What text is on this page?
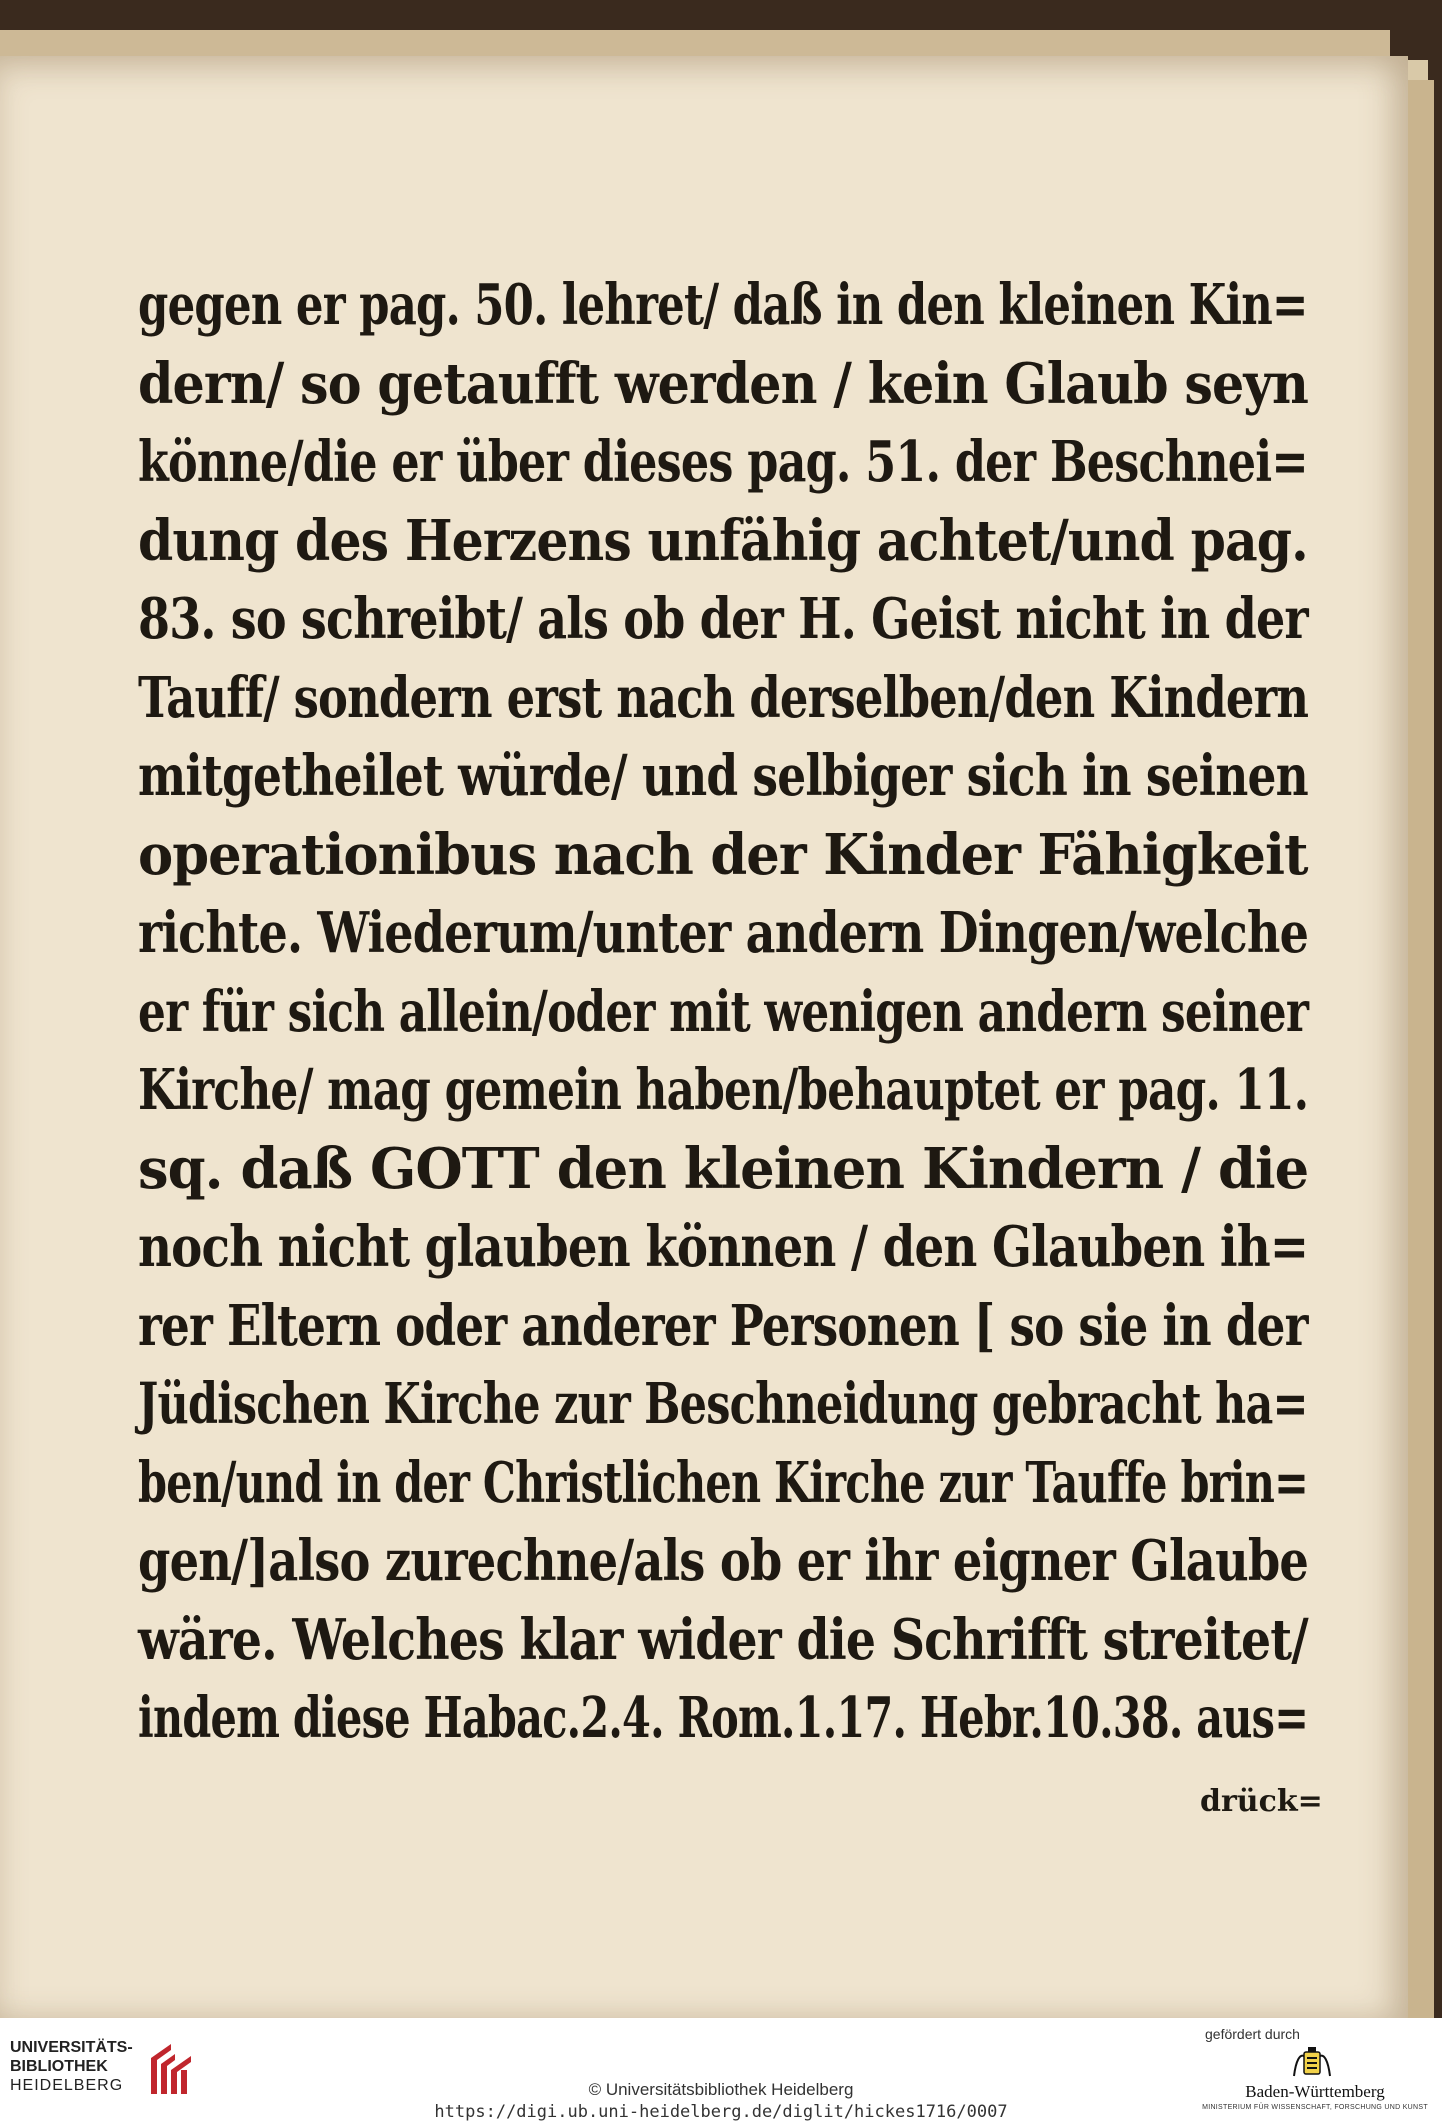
gegen er pag. 50. lehret/ daß in den kleinen Kin=
dern/ so getaufft werden / kein Glaub seyn
könne/die er über dieses pag. 51. der Beschnei=
dung des Herzens unfähig achtet/und pag.
83. so schreibt/ als ob der H. Geist nicht in der
Tauff/ sondern erst nach derselben/den Kindern
mitgetheilet würde/ und selbiger sich in seinen
operationibus nach der Kinder Fähigkeit
richte. Wiederum/unter andern Dingen/welche
er für sich allein/oder mit wenigen andern seiner
Kirche/ mag gemein haben/behauptet er pag. 11.
sq. daß GOTT den kleinen Kindern / die
noch nicht glauben können / den Glauben ih=
rer Eltern oder anderer Personen [ so sie in der
Jüdischen Kirche zur Beschneidung gebracht ha=
ben/und in der Christlichen Kirche zur Tauffe brin=
gen/]also zurechne/als ob er ihr eigner Glaube
wäre. Welches klar wider die Schrifft streitet/
indem diese Habac.2.4. Rom.1.17. Hebr.10.38. aus=
drück=
UNIVERSITÄTS-
BIBLIOTHEK
HEIDELBERG	© Universitätsbibliothek Heidelberg
https://digi.ub.uni-heidelberg.de/diglit/hickes1716/0007
gefördert durch
Baden-Württemberg
MINISTERIUM FÜR WISSENSCHAFT, FORSCHUNG UND KUNST
